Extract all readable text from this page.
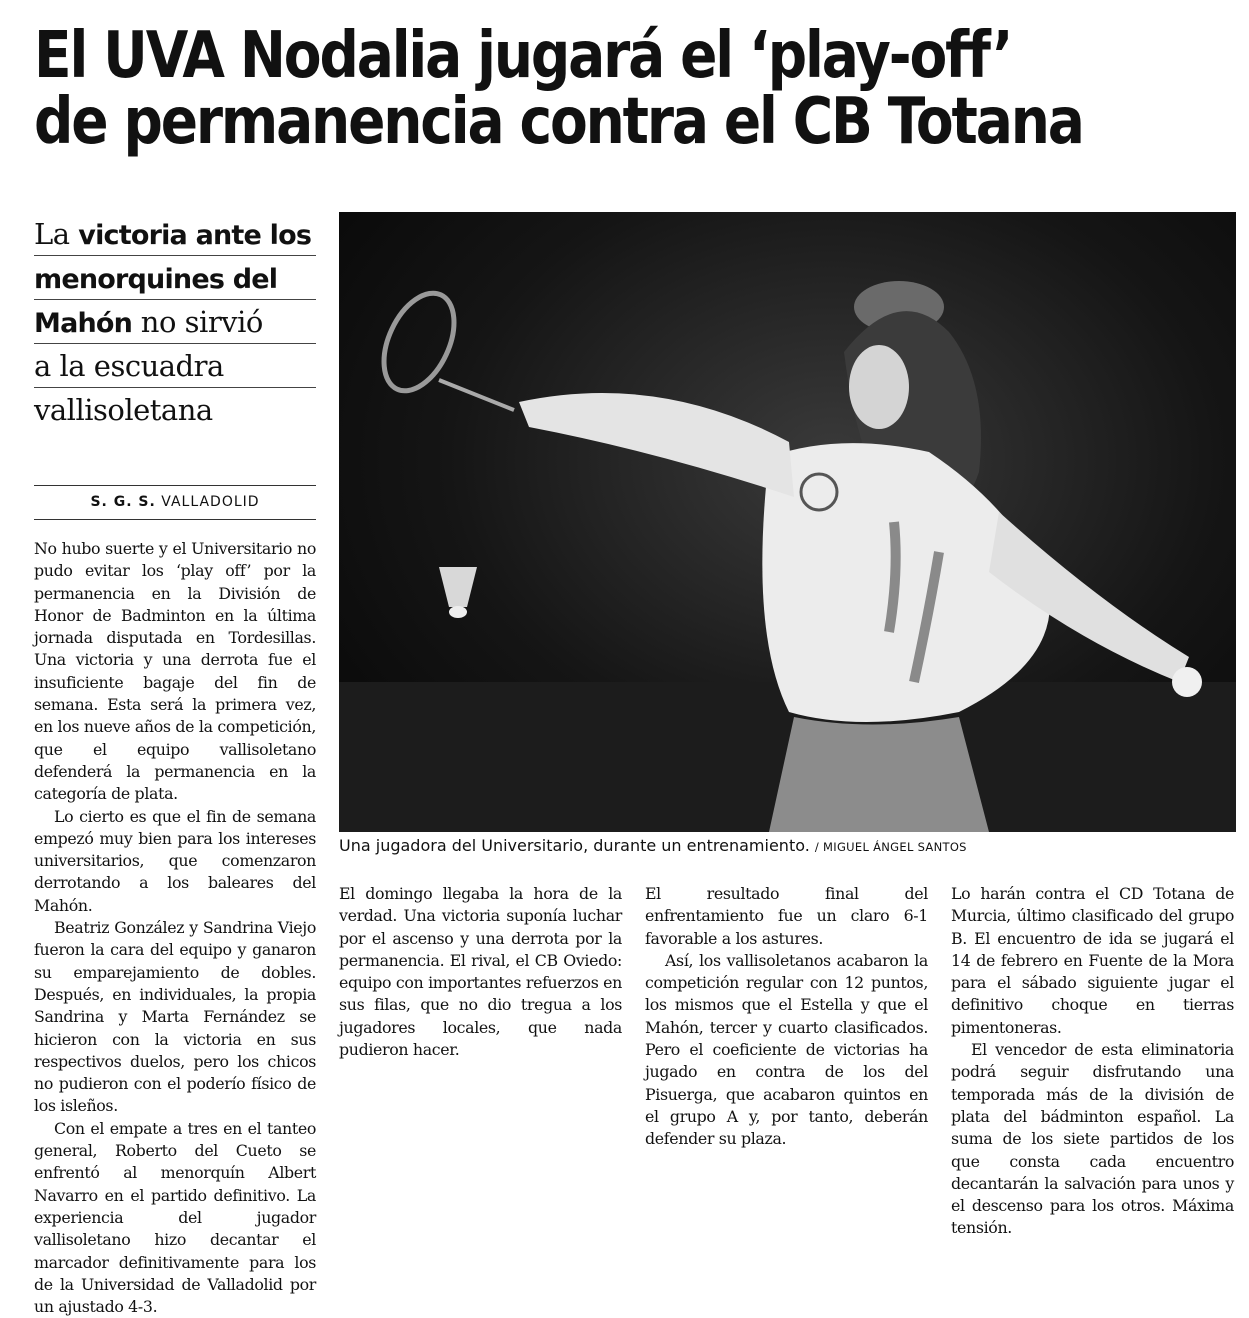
El UVA Nodalia jugará el ‘play-off’
de permanencia contra el CB Totana
La victoria ante los
menorquines del
Mahón no sirvió
a la escuadra
vallisoletana
S. G. S. VALLADOLID
Una jugadora del Universitario, durante un entrenamiento. / MIGUEL ÁNGEL SANTOS

No hubo suerte y el Universitario no pudo evitar los ‘play off’ por la permanencia en la División de Honor de Badminton en la última jornada disputada en Tordesillas. Una victoria y una derrota fue el insuficiente bagaje del fin de semana. Esta será la primera vez, en los nueve años de la competición, que el equipo vallisoletano defenderá la permanencia en la categoría de plata.

Lo cierto es que el fin de semana empezó muy bien para los intereses universitarios, que comenzaron derrotando a los baleares del Mahón.

Beatriz González y Sandrina Viejo fueron la cara del equipo y ganaron su emparejamiento de dobles. Después, en individuales, la propia Sandrina y Marta Fernández se hicieron con la victoria en sus respectivos duelos, pero los chicos no pudieron con el poderío físico de los isleños.

Con el empate a tres en el tanteo general, Roberto del Cueto se enfrentó al menorquín Albert Navarro en el partido definitivo. La experiencia del jugador vallisoletano hizo decantar el marcador definitivamente para los de la Universidad de Valladolid por un ajustado 4-3.

El domingo llegaba la hora de la verdad. Una victoria suponía luchar por el ascenso y una derrota por la permanencia. El rival, el CB Oviedo: equipo con importantes refuerzos en sus filas, que no dio tregua a los jugadores locales, que nada pudieron hacer.

El resultado final del enfrentamiento fue un claro 6-1 favorable a los astures.

Así, los vallisoletanos acabaron la competición regular con 12 puntos, los mismos que el Estella y que el Mahón, tercer y cuarto clasificados. Pero el coeficiente de victorias ha jugado en contra de los del Pisuerga, que acabaron quintos en el grupo A y, por tanto, deberán defender su plaza.

Lo harán contra el CD Totana de Murcia, último clasificado del grupo B. El encuentro de ida se jugará el 14 de febrero en Fuente de la Mora para el sábado siguiente jugar el definitivo choque en tierras pimentoneras.

El vencedor de esta eliminatoria podrá seguir disfrutando una temporada más de la división de plata del bádminton español. La suma de los siete partidos de los que consta cada encuentro decantarán la salvación para unos y el descenso para los otros. Máxima tensión.
